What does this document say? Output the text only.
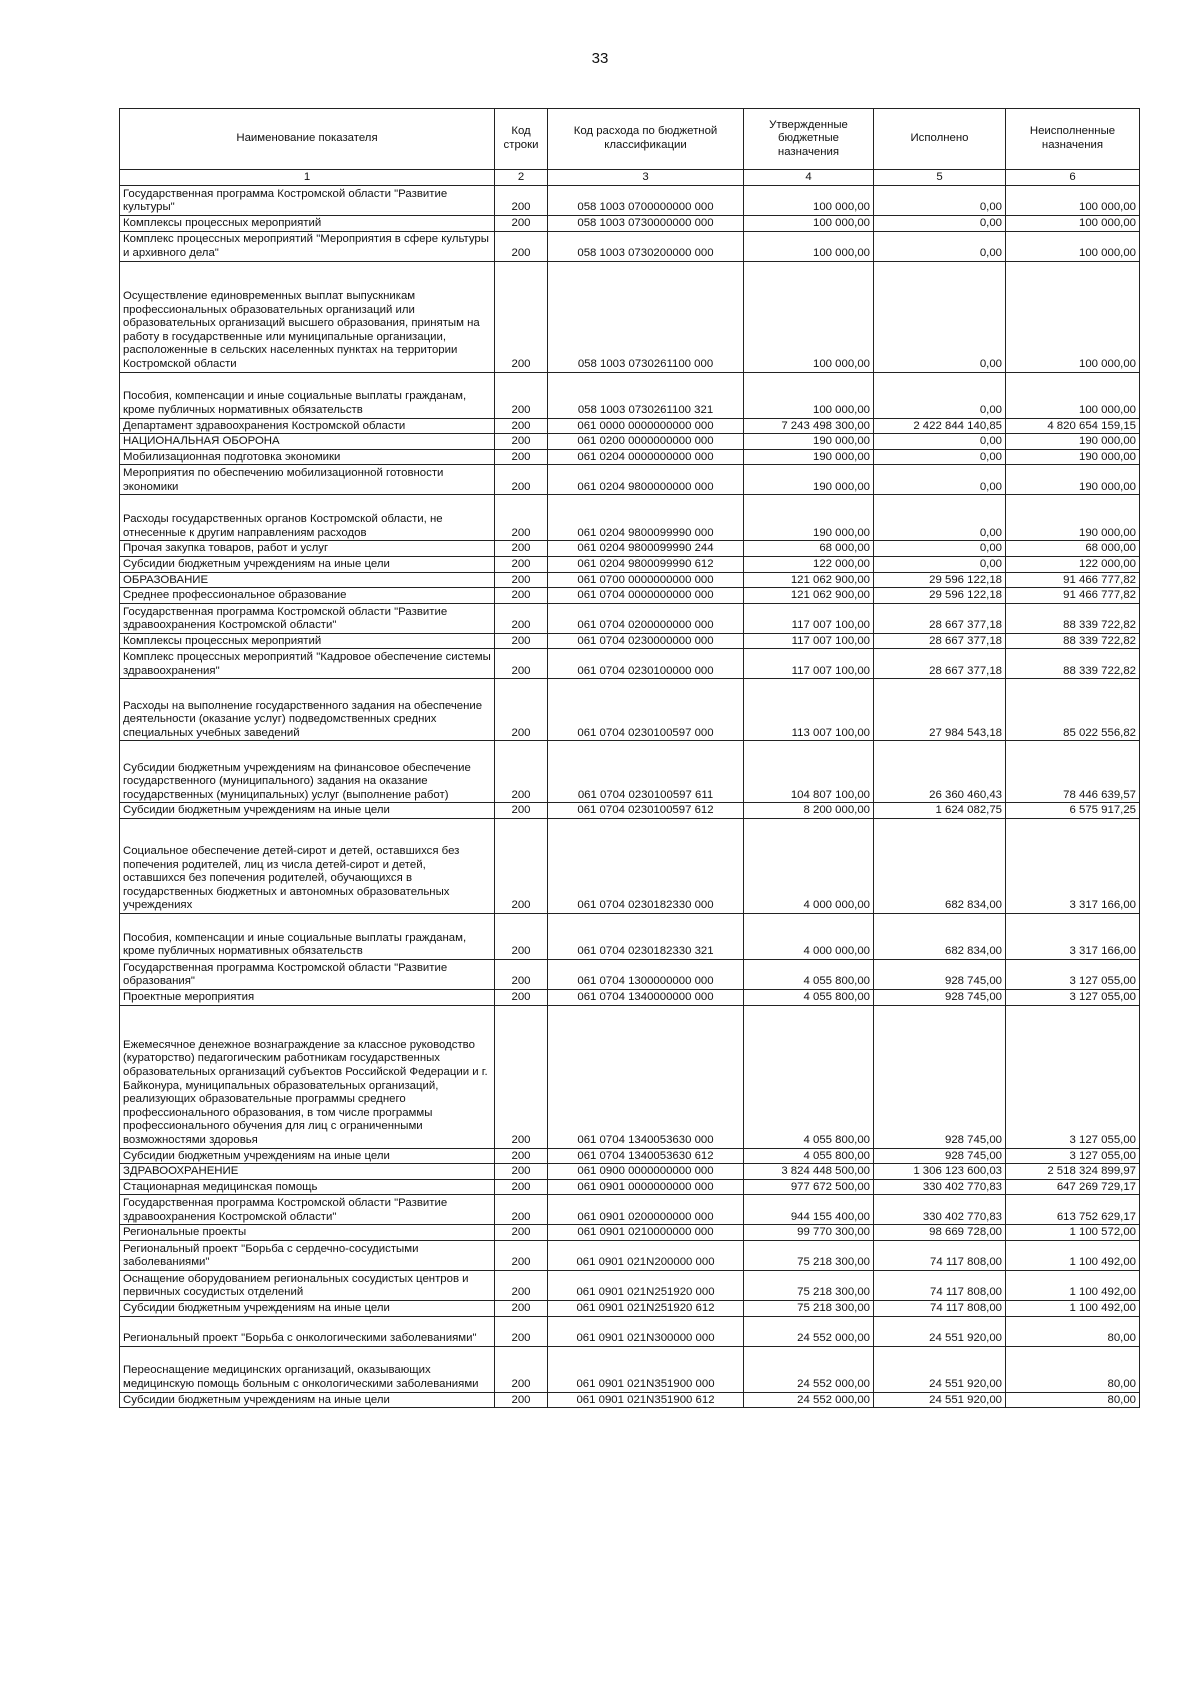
33
Наименование показателя	Код строки	Код расхода по бюджетной классификации	Утвержденные бюджетные назначения	Исполнено	Неисполненные назначения
1	2	3	4	5	6
Государственная программа Костромской области "Развитие культуры"	200	058 1003 0700000000 000	100 000,00	0,00	100 000,00
Комплексы процессных мероприятий	200	058 1003 0730000000 000	100 000,00	0,00	100 000,00
Комплекс процессных мероприятий "Мероприятия в сфере культуры и архивного дела"	200	058 1003 0730200000 000	100 000,00	0,00	100 000,00
Осуществление единовременных выплат выпускникам профессиональных образовательных организаций или образовательных организаций высшего образования, принятым на работу в государственные или муниципальные организации, расположенные в сельских населенных пунктах на территории Костромской области	200	058 1003 0730261100 000	100 000,00	0,00	100 000,00
Пособия, компенсации и иные социальные выплаты гражданам, кроме публичных нормативных обязательств	200	058 1003 0730261100 321	100 000,00	0,00	100 000,00
Департамент здравоохранения Костромской области	200	061 0000 0000000000 000	7 243 498 300,00	2 422 844 140,85	4 820 654 159,15
НАЦИОНАЛЬНАЯ ОБОРОНА	200	061 0200 0000000000 000	190 000,00	0,00	190 000,00
Мобилизационная подготовка экономики	200	061 0204 0000000000 000	190 000,00	0,00	190 000,00
Мероприятия по обеспечению мобилизационной готовности экономики	200	061 0204 9800000000 000	190 000,00	0,00	190 000,00
Расходы государственных органов Костромской области, не отнесенные к другим направлениям расходов	200	061 0204 9800099990 000	190 000,00	0,00	190 000,00
Прочая закупка товаров, работ и услуг	200	061 0204 9800099990 244	68 000,00	0,00	68 000,00
Субсидии бюджетным учреждениям на иные цели	200	061 0204 9800099990 612	122 000,00	0,00	122 000,00
ОБРАЗОВАНИЕ	200	061 0700 0000000000 000	121 062 900,00	29 596 122,18	91 466 777,82
Среднее профессиональное образование	200	061 0704 0000000000 000	121 062 900,00	29 596 122,18	91 466 777,82
Государственная программа Костромской области "Развитие здравоохранения Костромской области"	200	061 0704 0200000000 000	117 007 100,00	28 667 377,18	88 339 722,82
Комплексы процессных мероприятий	200	061 0704 0230000000 000	117 007 100,00	28 667 377,18	88 339 722,82
Комплекс процессных мероприятий "Кадровое обеспечение системы здравоохранения"	200	061 0704 0230100000 000	117 007 100,00	28 667 377,18	88 339 722,82
Расходы на выполнение государственного задания на обеспечение деятельности (оказание услуг) подведомственных средних специальных учебных заведений	200	061 0704 0230100597 000	113 007 100,00	27 984 543,18	85 022 556,82
Субсидии бюджетным учреждениям на финансовое обеспечение государственного (муниципального) задания на оказание государственных (муниципальных) услуг (выполнение работ)	200	061 0704 0230100597 611	104 807 100,00	26 360 460,43	78 446 639,57
Субсидии бюджетным учреждениям на иные цели	200	061 0704 0230100597 612	8 200 000,00	1 624 082,75	6 575 917,25
Социальное обеспечение детей-сирот и детей, оставшихся без попечения родителей, лиц из числа детей-сирот и детей, оставшихся без попечения родителей, обучающихся в государственных бюджетных и автономных образовательных учреждениях	200	061 0704 0230182330 000	4 000 000,00	682 834,00	3 317 166,00
Пособия, компенсации и иные социальные выплаты гражданам, кроме публичных нормативных обязательств	200	061 0704 0230182330 321	4 000 000,00	682 834,00	3 317 166,00
Государственная программа Костромской области "Развитие образования"	200	061 0704 1300000000 000	4 055 800,00	928 745,00	3 127 055,00
Проектные мероприятия	200	061 0704 1340000000 000	4 055 800,00	928 745,00	3 127 055,00
Ежемесячное денежное вознаграждение за классное руководство (кураторство) педагогическим работникам государственных образовательных организаций субъектов Российской Федерации и г. Байконура, муниципальных образовательных организаций, реализующих образовательные программы среднего профессионального образования, в том числе программы профессионального обучения для лиц с ограниченными возможностями здоровья	200	061 0704 1340053630 000	4 055 800,00	928 745,00	3 127 055,00
Субсидии бюджетным учреждениям на иные цели	200	061 0704 1340053630 612	4 055 800,00	928 745,00	3 127 055,00
ЗДРАВООХРАНЕНИЕ	200	061 0900 0000000000 000	3 824 448 500,00	1 306 123 600,03	2 518 324 899,97
Стационарная медицинская помощь	200	061 0901 0000000000 000	977 672 500,00	330 402 770,83	647 269 729,17
Государственная программа Костромской области "Развитие здравоохранения Костромской области"	200	061 0901 0200000000 000	944 155 400,00	330 402 770,83	613 752 629,17
Региональные проекты	200	061 0901 0210000000 000	99 770 300,00	98 669 728,00	1 100 572,00
Региональный проект "Борьба с сердечно-сосудистыми заболеваниями"	200	061 0901 021N200000 000	75 218 300,00	74 117 808,00	1 100 492,00
Оснащение оборудованием региональных сосудистых центров и первичных сосудистых отделений	200	061 0901 021N251920 000	75 218 300,00	74 117 808,00	1 100 492,00
Субсидии бюджетным учреждениям на иные цели	200	061 0901 021N251920 612	75 218 300,00	74 117 808,00	1 100 492,00
Региональный проект "Борьба с онкологическими заболеваниями"	200	061 0901 021N300000 000	24 552 000,00	24 551 920,00	80,00
Переоснащение медицинских организаций, оказывающих медицинскую помощь больным с онкологическими заболеваниями	200	061 0901 021N351900 000	24 552 000,00	24 551 920,00	80,00
Субсидии бюджетным учреждениям на иные цели	200	061 0901 021N351900 612	24 552 000,00	24 551 920,00	80,00
